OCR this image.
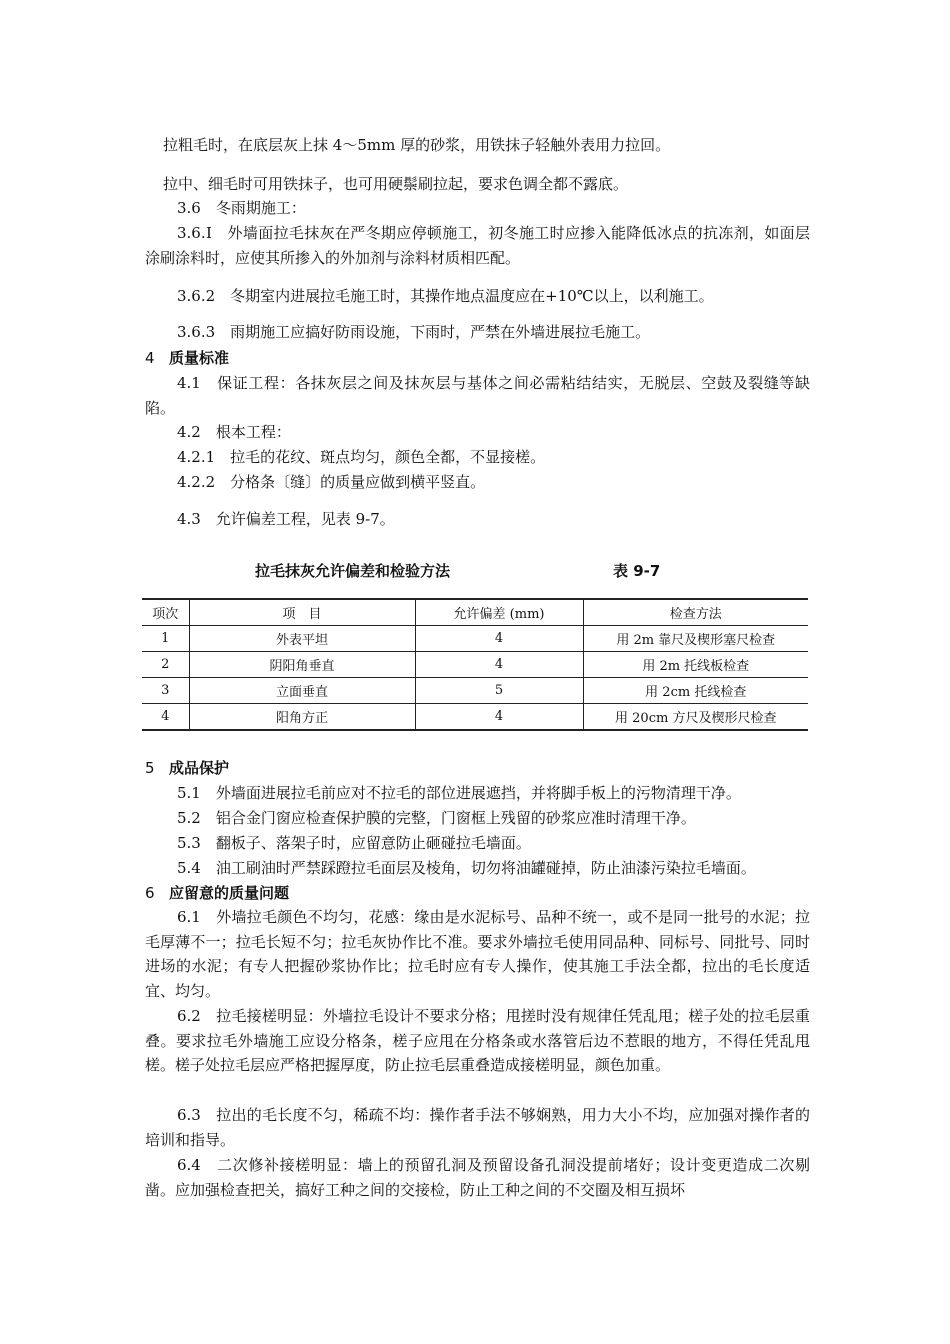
拉粗毛时，在底层灰上抹 4～5mm 厚的砂浆，用铁抹子轻触外表用力拉回。
拉中、细毛时可用铁抹子，也可用硬鬃刷拉起，要求色调全都不露底。
3.6　冬雨期施工：
3.6.Ⅰ　外墙面拉毛抹灰在严冬期应停顿施工，初冬施工时应掺入能降低冰点的抗冻剂，如面层涂刷涂料时，应使其所掺入的外加剂与涂料材质相匹配。
3.6.2　冬期室内进展拉毛施工时，其操作地点温度应在+10℃以上，以利施工。
3.6.3　雨期施工应搞好防雨设施，下雨时，严禁在外墙进展拉毛施工。
4 质量标准
4.1　保证工程：各抹灰层之间及抹灰层与基体之间必需粘结结实，无脱层、空鼓及裂缝等缺陷。
4.2　根本工程：
4.2.1　拉毛的花纹、斑点均匀，颜色全都，不显接槎。
4.2.2　分格条〔缝〕的质量应做到横平竖直。
4.3　允许偏差工程，见表 9-7。
拉毛抹灰允许偏差和检验方法	表 9-7
项次	项　目	允许偏差 (mm)	检查方法
1	外表平坦	4	用 2m 靠尺及楔形塞尺检查
2	阴阳角垂直	4	用 2m 托线板检查
3	立面垂直	5	用 2cm 托线检查
4	阳角方正	4	用 20cm 方尺及楔形尺检查
5 成品保护
5.1　外墙面进展拉毛前应对不拉毛的部位进展遮挡，并将脚手板上的污物清理干净。
5.2　铝合金门窗应检查保护膜的完整，门窗框上残留的砂浆应准时清理干净。
5.3　翻板子、落架子时，应留意防止砸碰拉毛墙面。
5.4　油工刷油时严禁踩蹬拉毛面层及棱角，切勿将油罐碰掉，防止油漆污染拉毛墙面。
6 应留意的质量问题
6.1　外墙拉毛颜色不均匀，花感：缘由是水泥标号、品种不统一，或不是同一批号的水泥；拉毛厚薄不一；拉毛长短不匀；拉毛灰协作比不准。要求外墙拉毛使用同品种、同标号、同批号、同时进场的水泥；有专人把握砂浆协作比；拉毛时应有专人操作，使其施工手法全都，拉出的毛长度适宜、均匀。
6.2　拉毛接槎明显：外墙拉毛设计不要求分格；甩搓时没有规律任凭乱甩；槎子处的拉毛层重叠。要求拉毛外墙施工应设分格条，槎子应甩在分格条或水落管后边不惹眼的地方，不得任凭乱甩槎。槎子处拉毛层应严格把握厚度，防止拉毛层重叠造成接槎明显，颜色加重。
6.3　拉出的毛长度不匀，稀疏不均：操作者手法不够娴熟，用力大小不均，应加强对操作者的培训和指导。
6.4　二次修补接槎明显：墙上的预留孔洞及预留设备孔洞没提前堵好；设计变更造成二次剔凿。应加强检查把关，搞好工种之间的交接检，防止工种之间的不交圈及相互损坏
